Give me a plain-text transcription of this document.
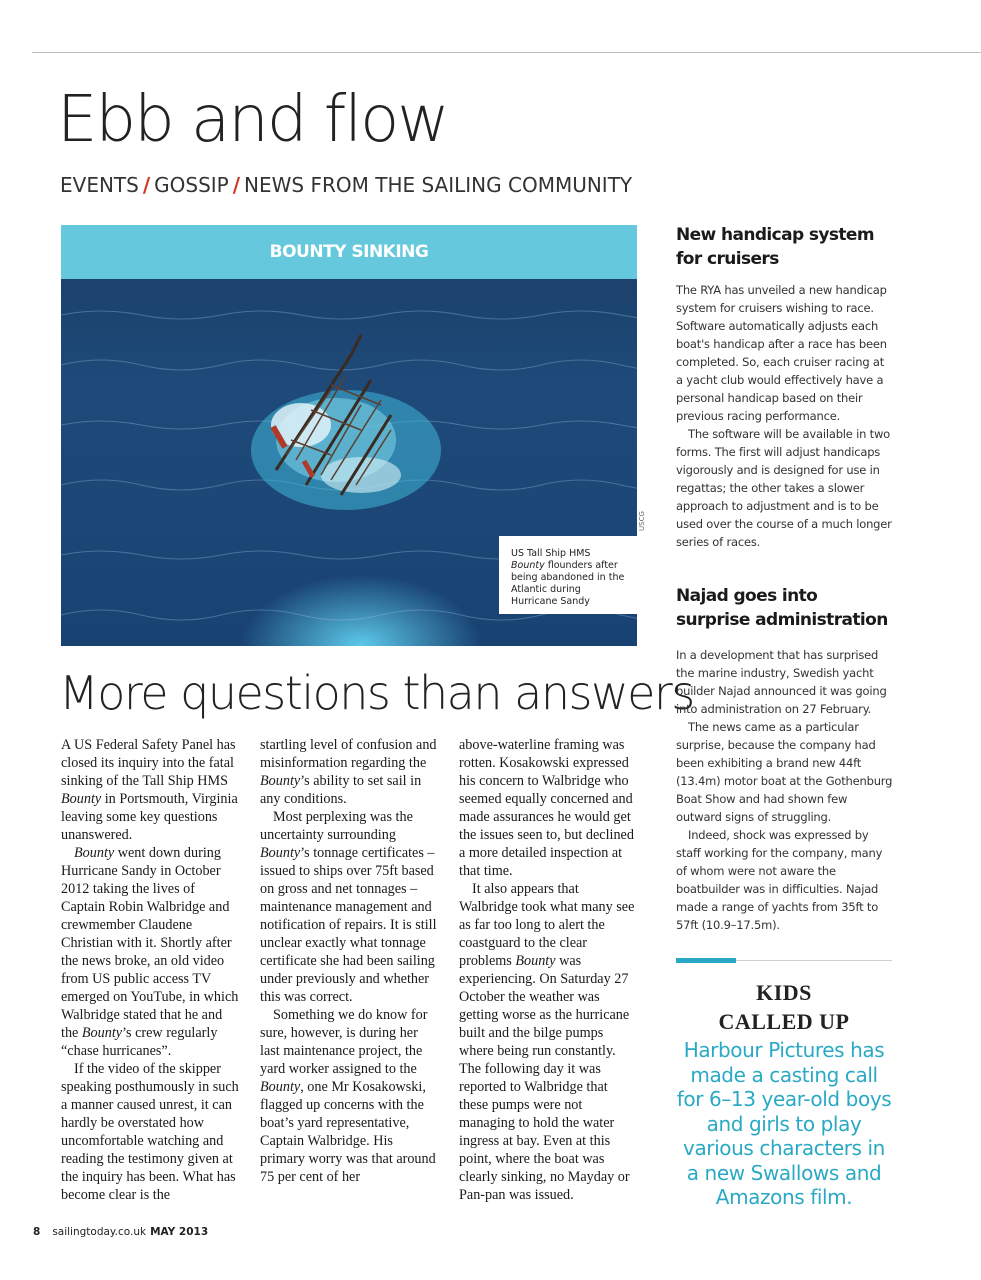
Ebb and flow
EVENTS / GOSSIP / NEWS FROM THE SAILING COMMUNITY
BOUNTY SINKING

US Tall Ship HMS Bounty flounders after being abandoned in the Atlantic during Hurricane Sandy

USCG
More questions than answers

A US Federal Safety Panel has closed its inquiry into the fatal sinking of the Tall Ship HMS Bounty in Portsmouth, Virginia leaving some key questions unanswered.

Bounty went down during Hurricane Sandy in October 2012 taking the lives of Captain Robin Walbridge and crewmember Claudene Christian with it. Shortly after the news broke, an old video from US public access TV emerged on YouTube, in which Walbridge stated that he and the Bounty’s crew regularly “chase hurricanes”.

If the video of the skipper speaking posthumously in such a manner caused unrest, it can hardly be overstated how uncomfortable watching and reading the testimony given at the inquiry has been. What has become clear is the

startling level of confusion and misinformation regarding the Bounty’s ability to set sail in any conditions.

Most perplexing was the uncertainty surrounding Bounty’s tonnage certificates – issued to ships over 75ft based on gross and net tonnages – maintenance management and notification of repairs. It is still unclear exactly what tonnage certificate she had been sailing under previously and whether this was correct.

Something we do know for sure, however, is during her last maintenance project, the yard worker assigned to the Bounty, one Mr Kosakowski, flagged up concerns with the boat’s yard representative, Captain Walbridge. His primary worry was that around 75 per cent of her

above-waterline framing was rotten. Kosakowski expressed his concern to Walbridge who seemed equally concerned and made assurances he would get the issues seen to, but declined a more detailed inspection at that time.

It also appears that Walbridge took what many see as far too long to alert the coastguard to the clear problems Bounty was experiencing. On Saturday 27 October the weather was getting worse as the hurricane built and the bilge pumps where being run constantly. The following day it was reported to Walbridge that these pumps were not managing to hold the water ingress at bay. Even at this point, where the boat was clearly sinking, no Mayday or Pan-pan was issued.

New handicap system for cruisers

The RYA has unveiled a new handicap system for cruisers wishing to race. Software automatically adjusts each boat's handicap after a race has been completed. So, each cruiser racing at a yacht club would effectively have a personal handicap based on their previous racing performance.

The software will be available in two forms. The first will adjust handicaps vigorously and is designed for use in regattas; the other takes a slower approach to adjustment and is to be used over the course of a much longer series of races.

Najad goes into surprise administration

In a development that has surprised the marine industry, Swedish yacht builder Najad announced it was going into administration on 27 February.

The news came as a particular surprise, because the company had been exhibiting a brand new 44ft (13.4m) motor boat at the Gothenburg Boat Show and had shown few outward signs of struggling.

Indeed, shock was expressed by staff working for the company, many of whom were not aware the boatbuilder was in difficulties. Najad made a range of yachts from 35ft to 57ft (10.9–17.5m).

KIDS
CALLED UP
Harbour Pictures has made a casting call for 6–13 year-old boys and girls to play various characters in a new Swallows and Amazons film.
8 sailingtoday.co.uk MAY 2013
